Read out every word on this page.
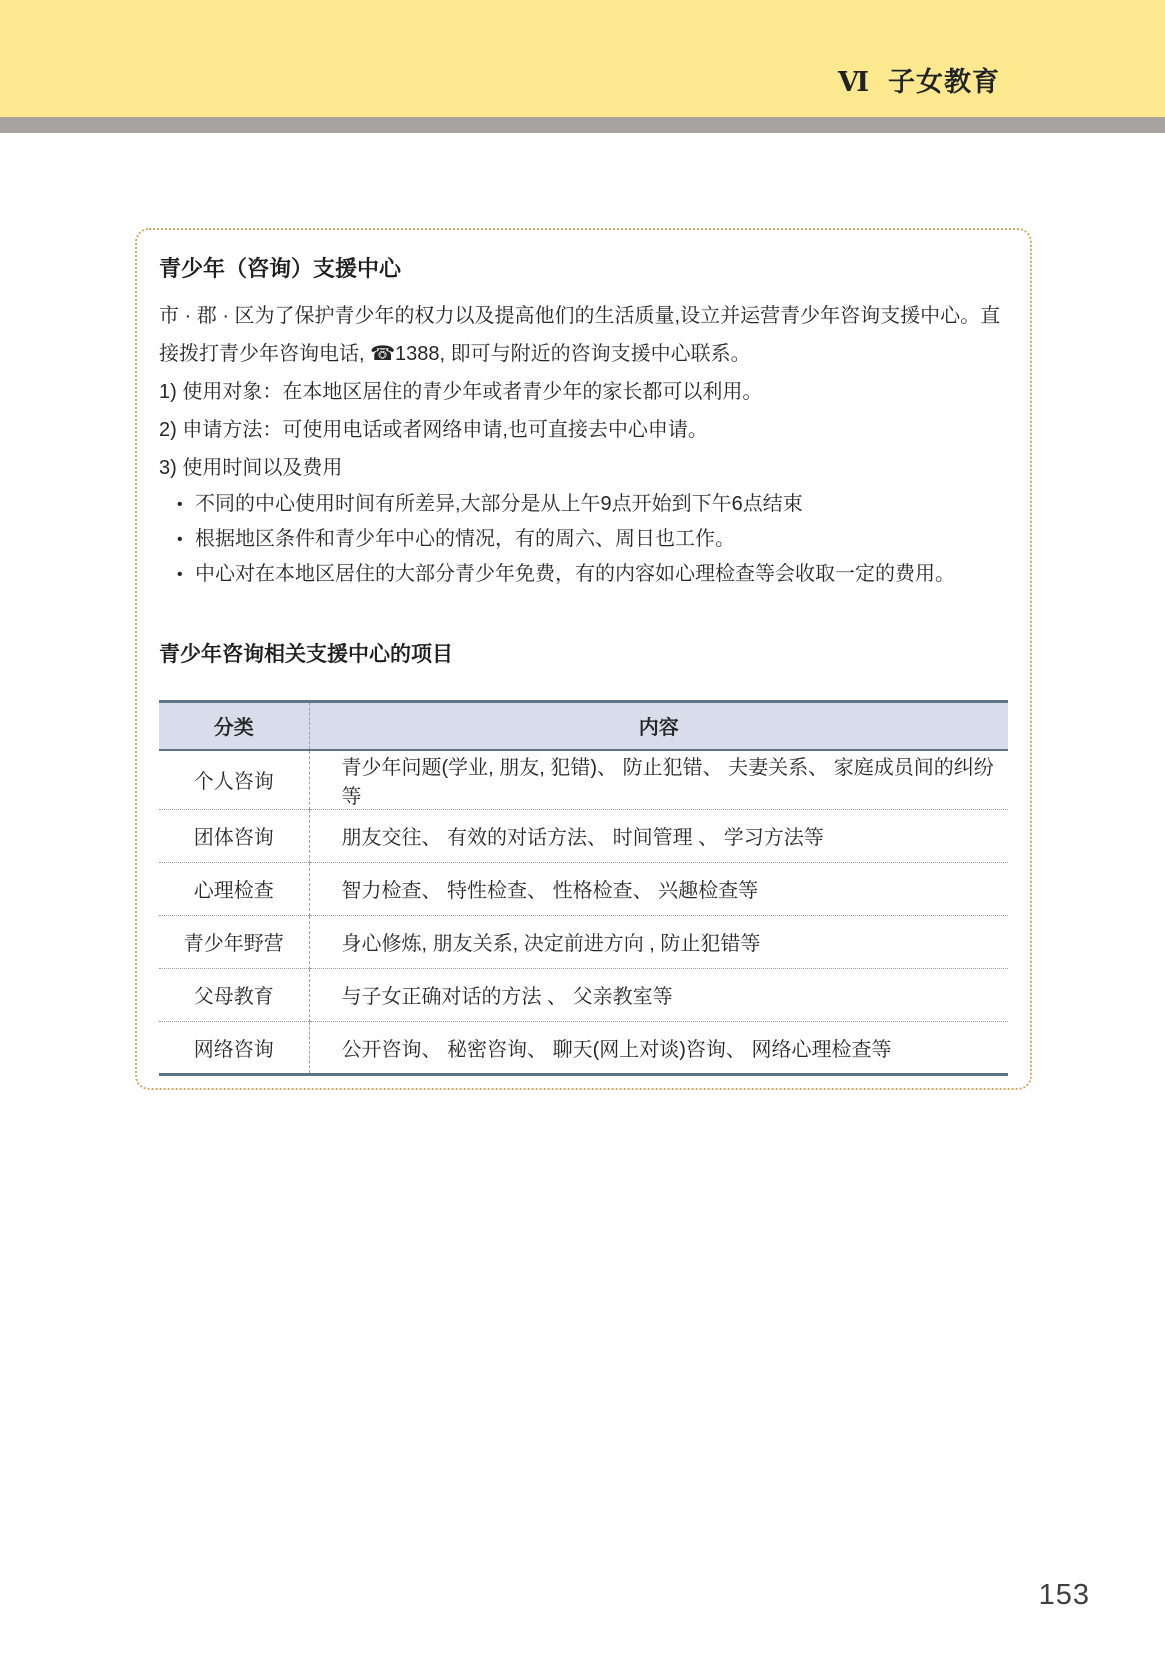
Ⅵ 子女教育
青少年（咨询）支援中心

市 · 郡 · 区为了保护青少年的权力以及提高他们的生活质量,设立并运营青少年咨询支援中心。直接拨打青少年咨询电话, ☎1388, 即可与附近的咨询支援中心联系。

1) 使用对象：在本地区居住的青少年或者青少年的家长都可以利用。
2) 申请方法：可使用电话或者网络申请,也可直接去中心申请。
3) 使用时间以及费用
• 不同的中心使用时间有所差异,大部分是从上午9点开始到下午6点结束
• 根据地区条件和青少年中心的情况，有的周六、周日也工作。
• 中心对在本地区居住的大部分青少年免费，有的内容如心理检查等会收取一定的费用。
青少年咨询相关支援中心的项目
分类	内容
个人咨询	青少年问题(学业, 朋友, 犯错)、 防止犯错、 夫妻关系、 家庭成员间的纠纷等
团体咨询	朋友交往、 有效的对话方法、 时间管理 、 学习方法等
心理检查	智力检查、 特性检查、 性格检查、 兴趣检查等
青少年野营	身心修炼, 朋友关系, 决定前进方向 , 防止犯错等
父母教育	与子女正确对话的方法 、 父亲教室等
网络咨询	公开咨询、 秘密咨询、 聊天(网上对谈)咨询、 网络心理检查等
153
